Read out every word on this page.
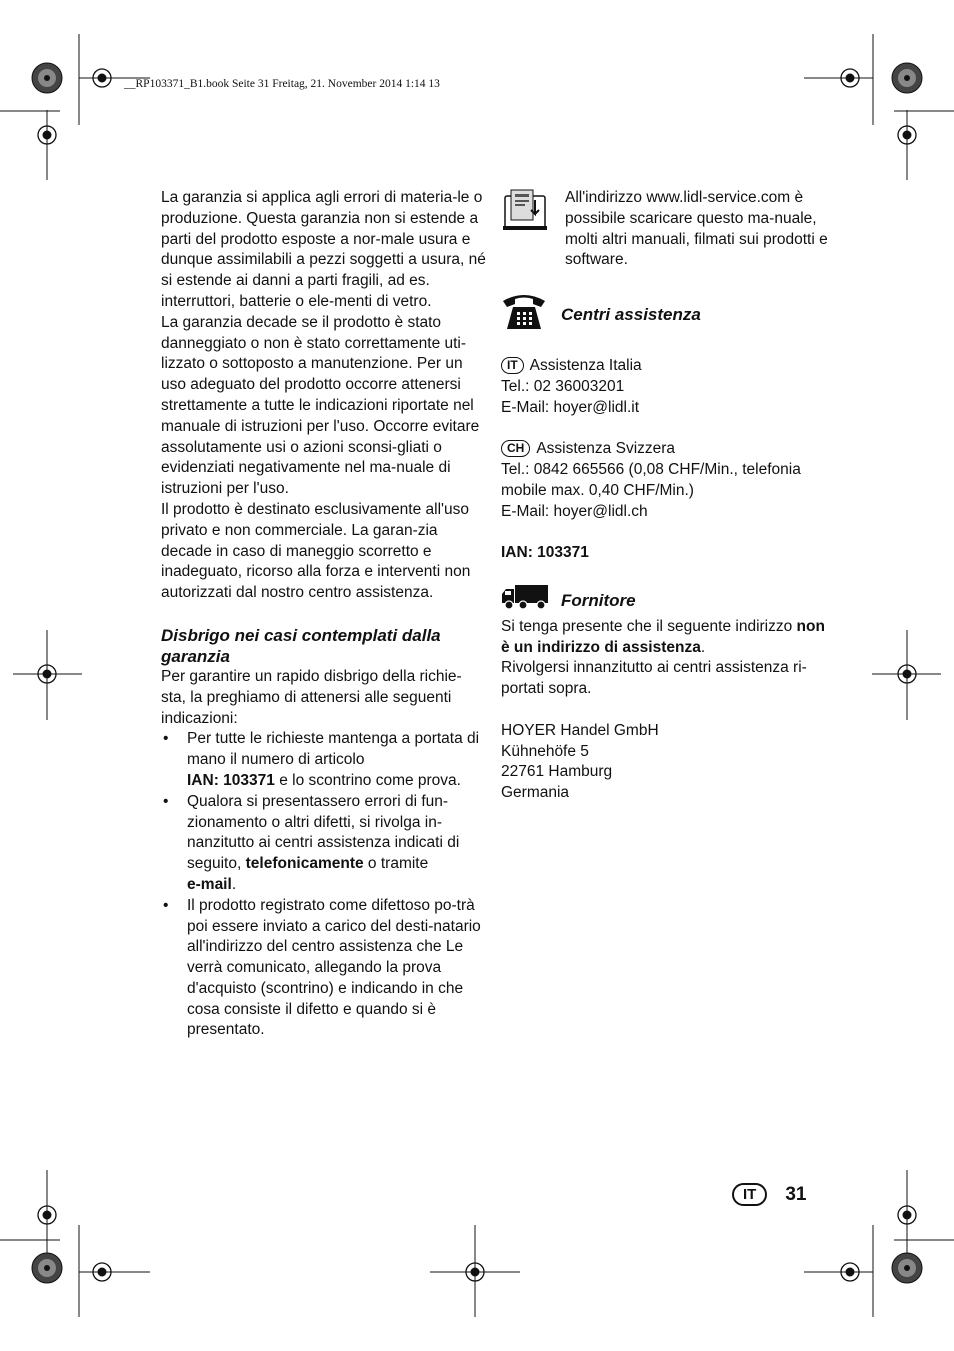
__RP103371_B1.book Seite 31 Freitag, 21. November 2014 1:14 13

La garanzia si applica agli errori di materia-le o produzione. Questa garanzia non si estende a parti del prodotto esposte a nor-male usura e dunque assimilabili a pezzi soggetti a usura, né si estende ai danni a parti fragili, ad es. interruttori, batterie o ele-menti di vetro.

La garanzia decade se il prodotto è stato danneggiato o non è stato correttamente uti-lizzato o sottoposto a manutenzione. Per un uso adeguato del prodotto occorre attenersi strettamente a tutte le indicazioni riportate nel manuale di istruzioni per l'uso. Occorre evitare assolutamente usi o azioni sconsi-gliati o evidenziati negativamente nel ma-nuale di istruzioni per l'uso.

Il prodotto è destinato esclusivamente all'uso privato e non commerciale. La garan-zia decade in caso di maneggio scorretto e inadeguato, ricorso alla forza e interventi non autorizzati dal nostro centro assistenza.

Disbrigo nei casi contemplati dalla garanzia

Per garantire un rapido disbrigo della richie-sta, la preghiamo di attenersi alle seguenti indicazioni:

• Per tutte le richieste mantenga a portata di mano il numero di articolo
IAN: 103371 e lo scontrino come prova.
• Qualora si presentassero errori di fun-zionamento o altri difetti, si rivolga in-nanzitutto ai centri assistenza indicati di seguito, telefonicamente o tramite
e-mail.
• Il prodotto registrato come difettoso po-trà poi essere inviato a carico del desti-natario all'indirizzo del centro assistenza che Le verrà comunicato, allegando la prova d'acquisto (scontrino) e indicando in che cosa consiste il difetto e quando si è presentato.

All'indirizzo www.lidl-service.com è possibile scaricare questo ma-nuale, molti altri manuali, filmati sui prodotti e software.

Centri assistenza

IT Assistenza Italia

Tel.: 02 36003201

E-Mail: hoyer@lidl.it

CH Assistenza Svizzera

Tel.: 0842 665566 (0,08 CHF/Min., telefonia mobile max. 0,40 CHF/Min.)

E-Mail: hoyer@lidl.ch

IAN: 103371

Fornitore

Si tenga presente che il seguente indirizzo non è un indirizzo di assistenza.

Rivolgersi innanzitutto ai centri assistenza ri-portati sopra.

HOYER Handel GmbH

Kühnehöfe 5

22761 Hamburg

Germania

IT	31
